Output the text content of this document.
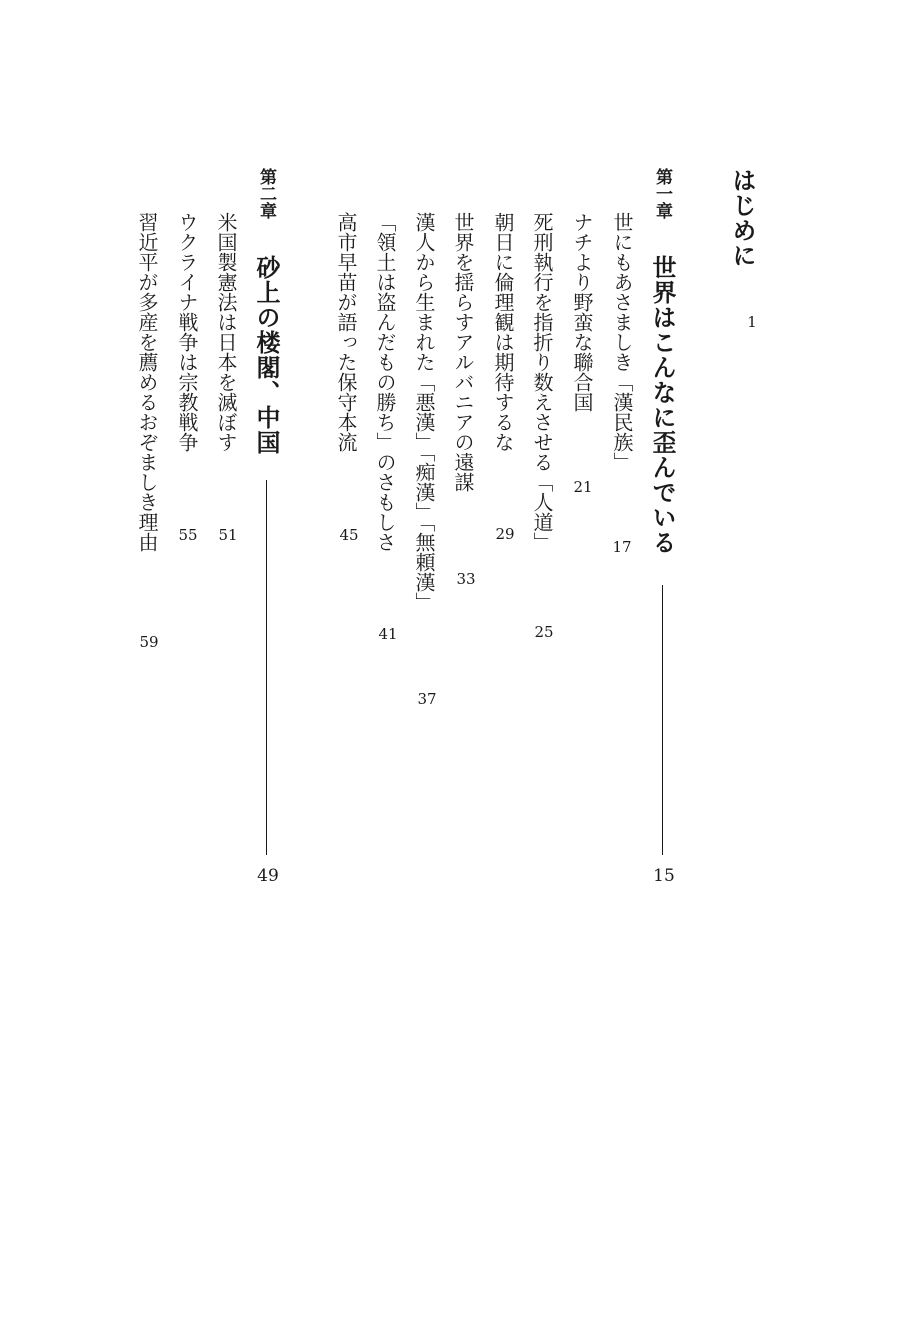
はじめに
1
第一章
世界はこんなに歪んでいる
15
世にもあさましき「漢民族」
17
ナチより野蛮な聯合国
21
死刑執行を指折り数えさせる「人道」
25
朝日に倫理観は期待するな
29
世界を揺らすアルバニアの遠謀
33
漢人から生まれた「悪漢」「痴漢」「無頼漢」
37
「領土は盗んだもの勝ち」のさもしさ
41
高市早苗が語った保守本流
45
第二章
砂上の楼閣、中国
49
米国製憲法は日本を滅ぼす
51
ウクライナ戦争は宗教戦争
55
習近平が多産を薦めるおぞましき理由
59
